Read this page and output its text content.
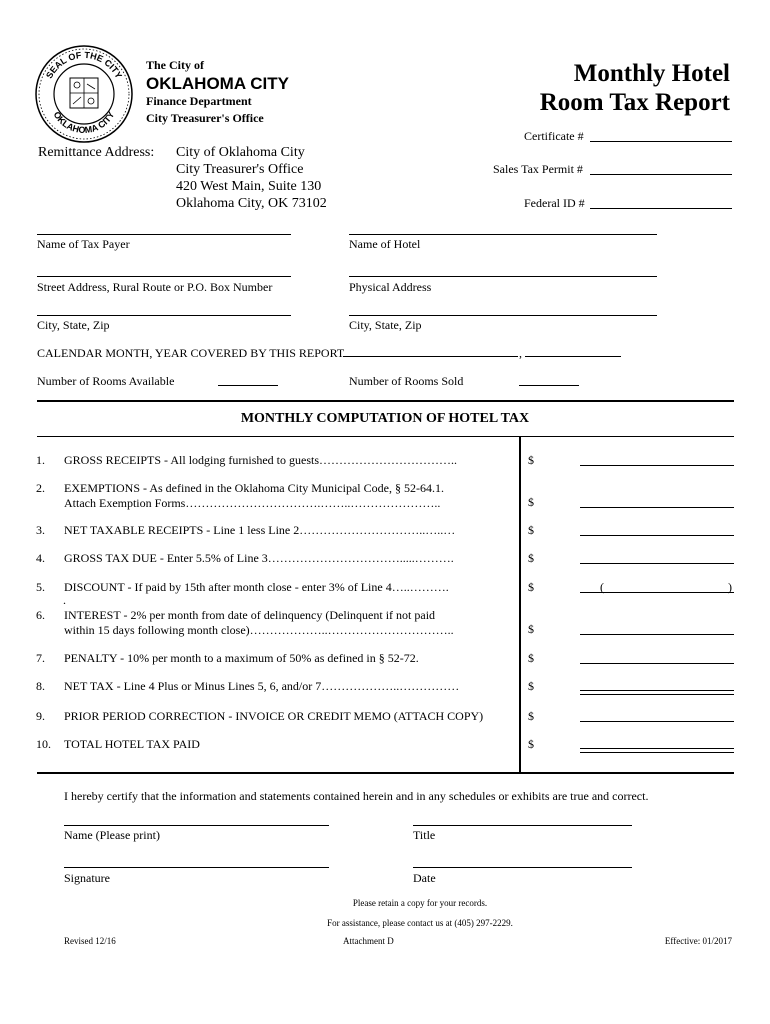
SEAL OF THE CITY
OKLAHOMA CITY
The City of
OKLAHOMA CITY
Finance Department
City Treasurer's Office
Monthly Hotel
Room Tax Report
Certificate #
Sales Tax Permit #
Federal ID #
Remittance Address: City of Oklahoma City
City Treasurer's Office
420 West Main, Suite 130
Oklahoma City, OK 73102
Name of Tax Payer	Name of Hotel
Street Address, Rural Route or P.O. Box Number	Physical Address
City, State, Zip	City, State, Zip
CALENDAR MONTH, YEAR COVERED BY THIS REPORT	,
Number of Rooms Available	Number of Rooms Sold
MONTHLY COMPUTATION OF HOTEL TAX
1. GROSS RECEIPTS - All lodging furnished to guests……………………………..	$
2. EXEMPTIONS - As defined in the Oklahoma City Municipal Code, § 52-64.1.
Attach Exemption Forms…………………………….……..…………………..	$
3. NET TAXABLE RECEIPTS - Line 1 less Line 2…………………………..…..…	$
4. GROSS TAX DUE - Enter 5.5% of Line 3…………………………….....……….	$
5. DISCOUNT - If paid by 15th after month close - enter 3% of Line 4…..……….	$	(	)
.
6. INTEREST - 2% per month from date of delinquency (Delinquent if not paid
within 15 days following month close)………………..…………………………..	$
7. PENALTY - 10% per month to a maximum of 50% as defined in § 52-72.	$
8. NET TAX - Line 4 Plus or Minus Lines 5, 6, and/or 7………………..……………	$
9. PRIOR PERIOD CORRECTION - INVOICE OR CREDIT MEMO (ATTACH COPY)	$
10. TOTAL HOTEL TAX PAID	$
I hereby certify that the information and statements contained herein and in any schedules or exhibits are true and correct.
Name (Please print)	Title
Signature	Date
Please retain a copy for your records.
For assistance, please contact us at (405) 297-2229.
Revised 12/16	Attachment D	Effective: 01/2017
